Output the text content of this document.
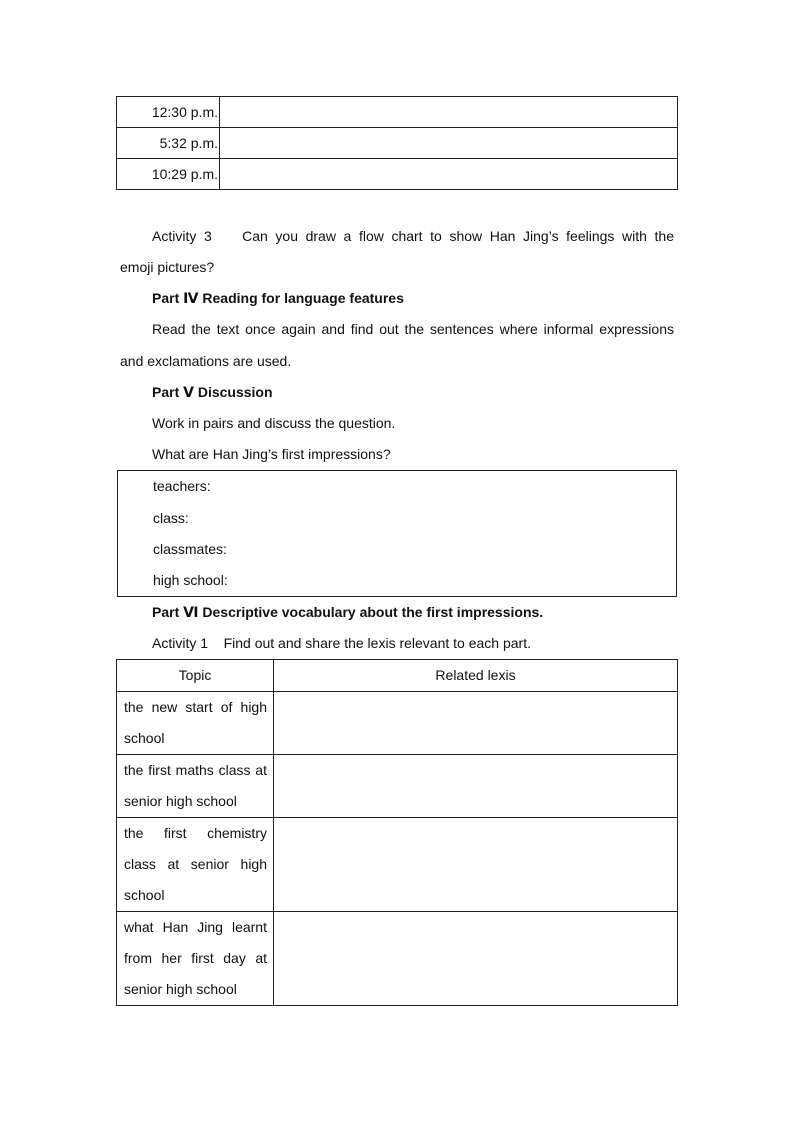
12:30 p.m.	
5:32 p.m.	
10:29 p.m.	
Activity 3    Can you draw a flow chart to show Han Jing’s feelings with the
emoji pictures?
Part Ⅳ Reading for language features
Read the text once again and find out the sentences where informal expressions
and exclamations are used.
Part Ⅴ Discussion
Work in pairs and discuss the question.
What are Han Jing’s first impressions?
teachers:
class:
classmates:
high school:
Part Ⅵ Descriptive vocabulary about the first impressions.
Activity 1    Find out and share the lexis relevant to each part.
Topic	Related lexis

the new start of high school	

the first maths class at senior high school	

the first chemistry class at senior high school	

what Han Jing learnt from her first day at senior high school	
